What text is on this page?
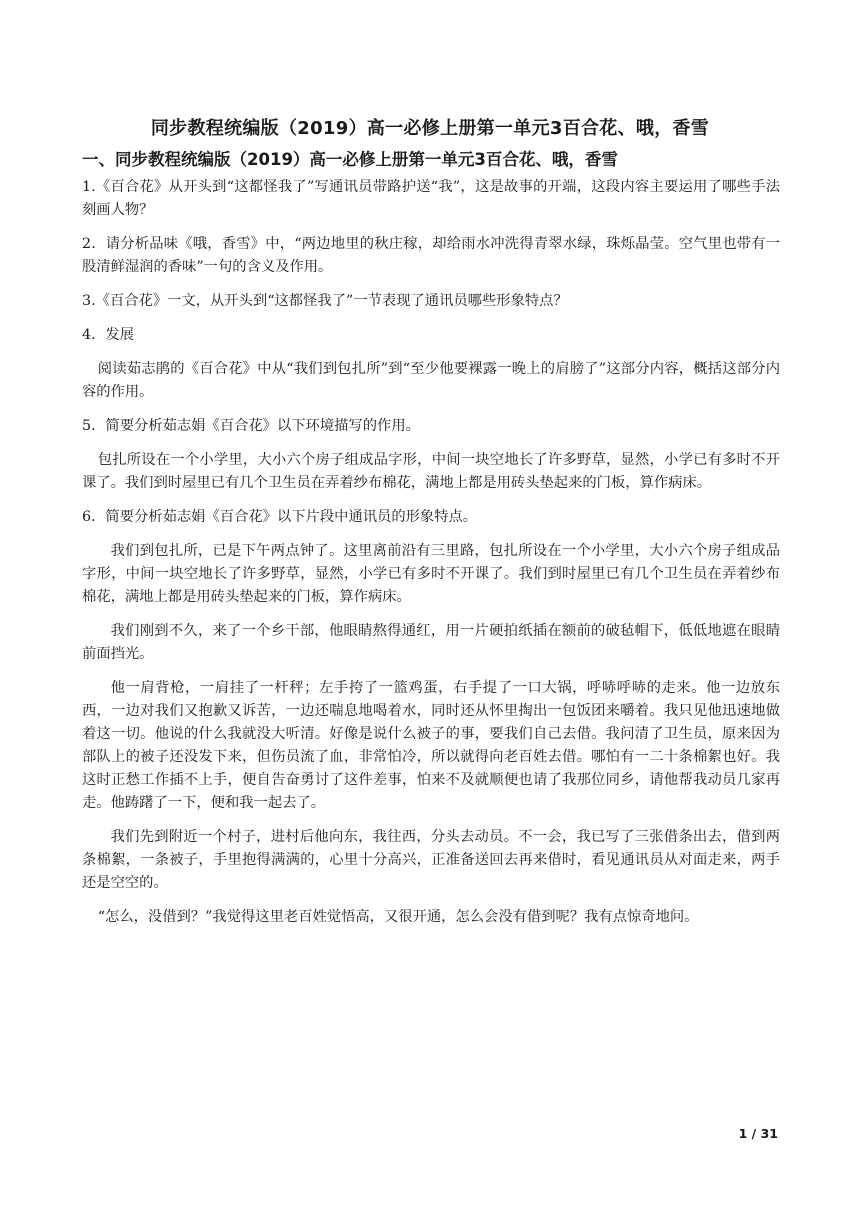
同步教程统编版（2019）高一必修上册第一单元3百合花、哦，香雪
一、同步教程统编版（2019）高一必修上册第一单元3百合花、哦，香雪

1.《百合花》从开头到“这都怪我了”写通讯员带路护送“我”，这是故事的开端，这段内容主要运用了哪些手法刻画人物？

2．请分析品味《哦，香雪》中，“两边地里的秋庄稼，却给雨水冲洗得青翠水绿，珠烁晶莹。空气里也带有一股清鲜湿润的香味”一句的含义及作用。

3.《百合花》一文，从开头到“这都怪我了”一节表现了通讯员哪些形象特点？

4．发展

阅读茹志鹃的《百合花》中从“我们到包扎所”到“至少他要裸露一晚上的肩膀了”这部分内容，概括这部分内容的作用。

5．简要分析茹志娟《百合花》以下环境描写的作用。

包扎所设在一个小学里，大小六个房子组成品字形，中间一块空地长了许多野草，显然，小学已有多时不开课了。我们到时屋里已有几个卫生员在弄着纱布棉花，满地上都是用砖头垫起来的门板，算作病床。

6．简要分析茹志娟《百合花》以下片段中通讯员的形象特点。

我们到包扎所，已是下午两点钟了。这里离前沿有三里路，包扎所设在一个小学里，大小六个房子组成品字形，中间一块空地长了许多野草，显然，小学已有多时不开课了。我们到时屋里已有几个卫生员在弄着纱布棉花，满地上都是用砖头垫起来的门板，算作病床。

我们刚到不久，来了一个乡干部，他眼睛熬得通红，用一片硬拍纸插在额前的破毡帽下，低低地遮在眼睛前面挡光。

他一肩背枪，一肩挂了一杆秤；左手挎了一篮鸡蛋，右手提了一口大锅，呼哧呼哧的走来。他一边放东西，一边对我们又抱歉又诉苦，一边还喘息地喝着水，同时还从怀里掏出一包饭团来嚼着。我只见他迅速地做着这一切。他说的什么我就没大听清。好像是说什么被子的事，要我们自己去借。我问清了卫生员，原来因为部队上的被子还没发下来，但伤员流了血，非常怕冷，所以就得向老百姓去借。哪怕有一二十条棉絮也好。我这时正愁工作插不上手，便自告奋勇讨了这件差事，怕来不及就顺便也请了我那位同乡，请他帮我动员几家再走。他踌躇了一下，便和我一起去了。

我们先到附近一个村子，进村后他向东，我往西，分头去动员。不一会，我已写了三张借条出去，借到两条棉絮，一条被子，手里抱得满满的，心里十分高兴，正准备送回去再来借时，看见通讯员从对面走来，两手还是空空的。

“怎么，没借到？”我觉得这里老百姓觉悟高，又很开通，怎么会没有借到呢？我有点惊奇地问。

1 / 31
